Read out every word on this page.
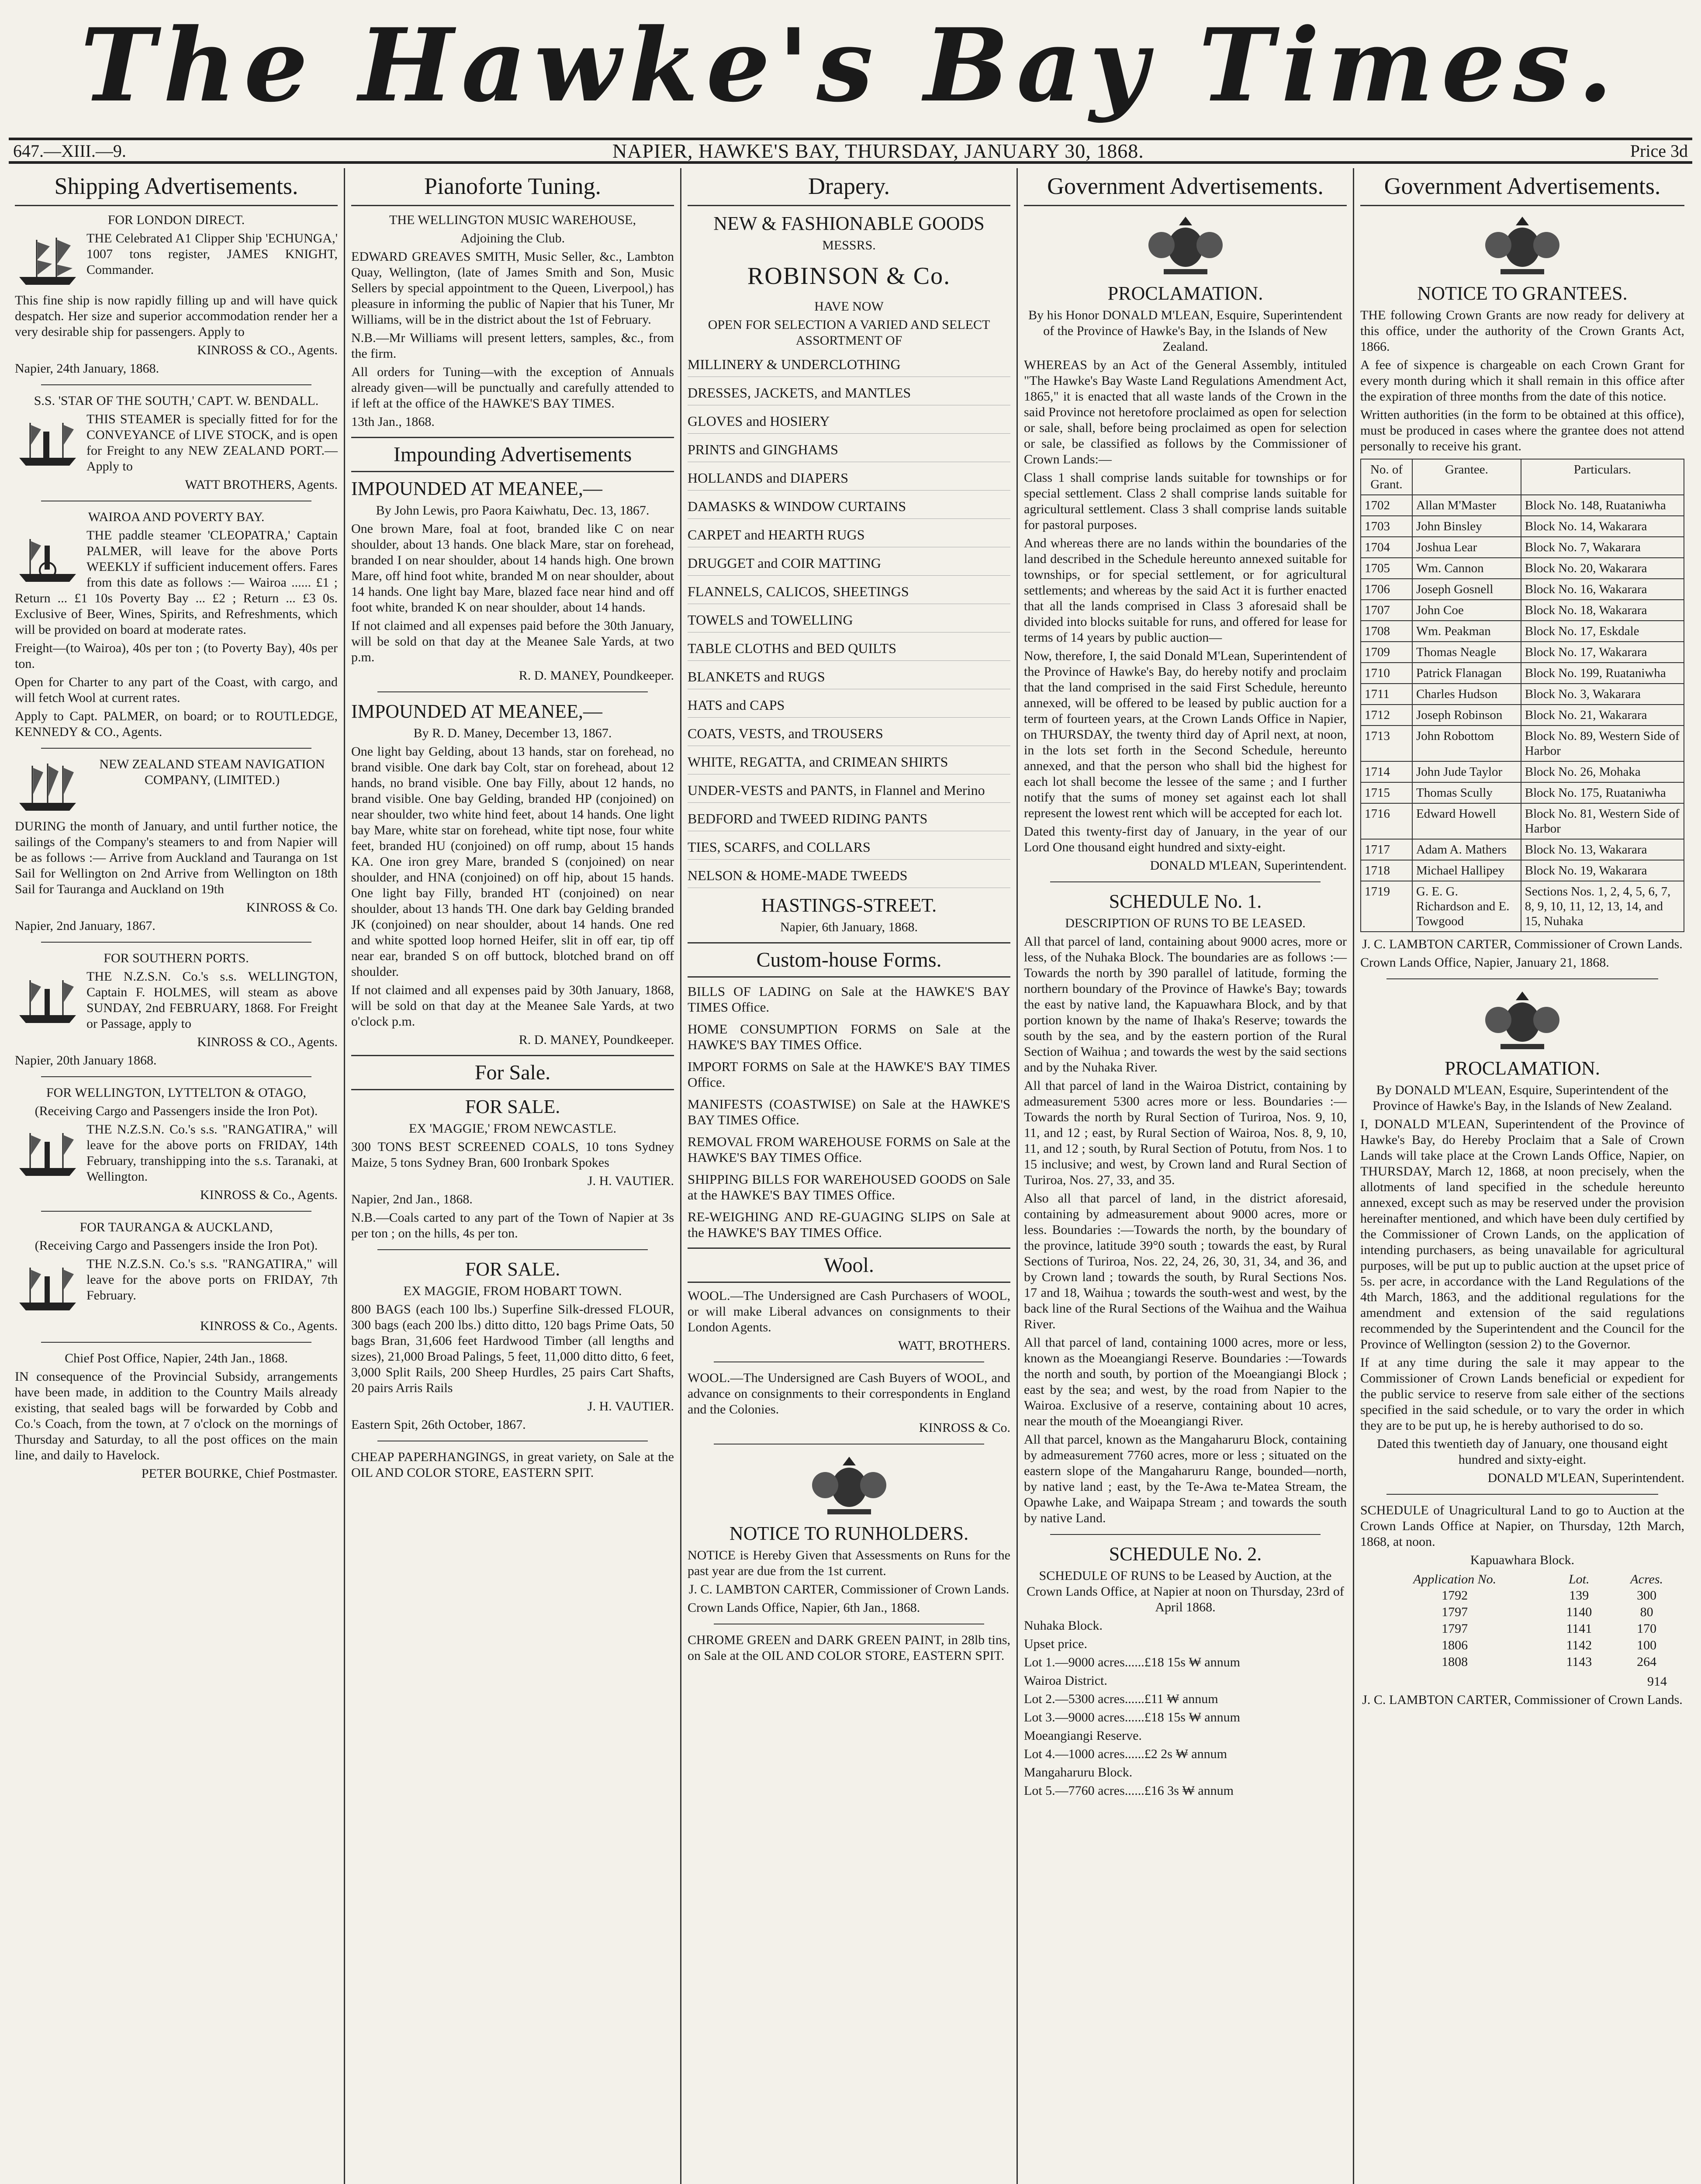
The Hawke's Bay Times.
647.—XIII.—9.	NAPIER, HAWKE'S BAY, THURSDAY, JANUARY 30, 1868.	Price 3d
Shipping Advertisements.

FOR LONDON DIRECT.

THE Celebrated A1 Clipper Ship 'ECHUNGA,' 1007 tons register, JAMES KNIGHT, Commander.

This fine ship is now rapidly filling up and will have quick despatch. Her size and superior accommodation render her a very desirable ship for passengers. Apply to

KINROSS & CO., Agents.

Napier, 24th January, 1868.

S.S. 'STAR OF THE SOUTH,' CAPT. W. BENDALL.

THIS STEAMER is specially fitted for for the CONVEYANCE of LIVE STOCK, and is open for Freight to any NEW ZEALAND PORT.—Apply to

WATT BROTHERS, Agents.

WAIROA AND POVERTY BAY.

THE paddle steamer 'CLEOPATRA,' Captain PALMER, will leave for the above Ports WEEKLY if sufficient inducement offers. Fares from this date as follows :— Wairoa ...... £1 ; Return ... £1 10s Poverty Bay ... £2 ; Return ... £3 0s. Exclusive of Beer, Wines, Spirits, and Refreshments, which will be provided on board at moderate rates.

Freight—(to Wairoa), 40s per ton ; (to Poverty Bay), 40s per ton.

Open for Charter to any part of the Coast, with cargo, and will fetch Wool at current rates.

Apply to Capt. PALMER, on board; or to ROUTLEDGE, KENNEDY & CO., Agents.

NEW ZEALAND STEAM NAVIGATION COMPANY, (LIMITED.)

DURING the month of January, and until further notice, the sailings of the Company's steamers to and from Napier will be as follows :— Arrive from Auckland and Tauranga on 1st Sail for Wellington on 2nd Arrive from Wellington on 18th Sail for Tauranga and Auckland on 19th

KINROSS & Co.

Napier, 2nd January, 1867.

FOR SOUTHERN PORTS.

THE N.Z.S.N. Co.'s s.s. WELLINGTON, Captain F. HOLMES, will steam as above SUNDAY, 2nd FEBRUARY, 1868. For Freight or Passage, apply to

KINROSS & CO., Agents.

Napier, 20th January 1868.

FOR WELLINGTON, LYTTELTON & OTAGO,

(Receiving Cargo and Passengers inside the Iron Pot).

THE N.Z.S.N. Co.'s s.s. "RANGATIRA," will leave for the above ports on FRIDAY, 14th February, transhipping into the s.s. Taranaki, at Wellington.

KINROSS & Co., Agents.

FOR TAURANGA & AUCKLAND,

(Receiving Cargo and Passengers inside the Iron Pot).

THE N.Z.S.N. Co.'s s.s. "RANGATIRA," will leave for the above ports on FRIDAY, 7th February.

KINROSS & Co., Agents.

Chief Post Office, Napier, 24th Jan., 1868.

IN consequence of the Provincial Subsidy, arrangements have been made, in addition to the Country Mails already existing, that sealed bags will be forwarded by Cobb and Co.'s Coach, from the town, at 7 o'clock on the mornings of Thursday and Saturday, to all the post offices on the main line, and daily to Havelock.

PETER BOURKE, Chief Postmaster.

Pianoforte Tuning.

THE WELLINGTON MUSIC WAREHOUSE,

Adjoining the Club.

EDWARD GREAVES SMITH, Music Seller, &c., Lambton Quay, Wellington, (late of James Smith and Son, Music Sellers by special appointment to the Queen, Liverpool,) has pleasure in informing the public of Napier that his Tuner, Mr Williams, will be in the district about the 1st of February.

N.B.—Mr Williams will present letters, samples, &c., from the firm.

All orders for Tuning—with the exception of Annuals already given—will be punctually and carefully attended to if left at the office of the HAWKE'S BAY TIMES.

13th Jan., 1868.

Impounding Advertisements

IMPOUNDED AT MEANEE,—

By John Lewis, pro Paora Kaiwhatu, Dec. 13, 1867.

One brown Mare, foal at foot, branded like C on near shoulder, about 13 hands. One black Mare, star on forehead, branded I on near shoulder, about 14 hands high. One brown Mare, off hind foot white, branded M on near shoulder, about 14 hands. One light bay Mare, blazed face near hind and off foot white, branded K on near shoulder, about 14 hands.

If not claimed and all expenses paid before the 30th January, will be sold on that day at the Meanee Sale Yards, at two p.m.

R. D. MANEY, Poundkeeper.

IMPOUNDED AT MEANEE,—

By R. D. Maney, December 13, 1867.

One light bay Gelding, about 13 hands, star on forehead, no brand visible. One dark bay Colt, star on forehead, about 12 hands, no brand visible. One bay Filly, about 12 hands, no brand visible. One bay Gelding, branded HP (conjoined) on near shoulder, two white hind feet, about 14 hands. One light bay Mare, white star on forehead, white tipt nose, four white feet, branded HU (conjoined) on off rump, about 15 hands KA. One iron grey Mare, branded S (conjoined) on near shoulder, and HNA (conjoined) on off hip, about 15 hands. One light bay Filly, branded HT (conjoined) on near shoulder, about 13 hands TH. One dark bay Gelding branded JK (conjoined) on near shoulder, about 14 hands. One red and white spotted loop horned Heifer, slit in off ear, tip off near ear, branded S on off buttock, blotched brand on off shoulder.

If not claimed and all expenses paid by 30th January, 1868, will be sold on that day at the Meanee Sale Yards, at two o'clock p.m.

R. D. MANEY, Poundkeeper.

For Sale.

FOR SALE.

EX 'MAGGIE,' FROM NEWCASTLE.

300 TONS BEST SCREENED COALS, 10 tons Sydney Maize, 5 tons Sydney Bran, 600 Ironbark Spokes

J. H. VAUTIER.

Napier, 2nd Jan., 1868.

N.B.—Coals carted to any part of the Town of Napier at 3s per ton ; on the hills, 4s per ton.

FOR SALE.

EX MAGGIE, FROM HOBART TOWN.

800 BAGS (each 100 lbs.) Superfine Silk-dressed FLOUR, 300 bags (each 200 lbs.) ditto ditto, 120 bags Prime Oats, 50 bags Bran, 31,606 feet Hardwood Timber (all lengths and sizes), 21,000 Broad Palings, 5 feet, 11,000 ditto ditto, 6 feet, 3,000 Split Rails, 200 Sheep Hurdles, 25 pairs Cart Shafts, 20 pairs Arris Rails

J. H. VAUTIER.

Eastern Spit, 26th October, 1867.

CHEAP PAPERHANGINGS, in great variety, on Sale at the OIL AND COLOR STORE, EASTERN SPIT.

Drapery.

NEW & FASHIONABLE GOODS

MESSRS.

ROBINSON & Co.

HAVE NOW

OPEN FOR SELECTION A VARIED AND SELECT ASSORTMENT OF

MILLINERY & UNDERCLOTHING
DRESSES, JACKETS, and MANTLES
GLOVES and HOSIERY
PRINTS and GINGHAMS
HOLLANDS and DIAPERS
DAMASKS & WINDOW CURTAINS
CARPET and HEARTH RUGS
DRUGGET and COIR MATTING
FLANNELS, CALICOS, SHEETINGS
TOWELS and TOWELLING
TABLE CLOTHS and BED QUILTS
BLANKETS and RUGS
HATS and CAPS
COATS, VESTS, and TROUSERS
WHITE, REGATTA, and CRIMEAN SHIRTS
UNDER-VESTS and PANTS, in Flannel and Merino
BEDFORD and TWEED RIDING PANTS
TIES, SCARFS, and COLLARS
NELSON & HOME-MADE TWEEDS

HASTINGS-STREET.

Napier, 6th January, 1868.

Custom-house Forms.

BILLS OF LADING on Sale at the HAWKE'S BAY TIMES Office.

HOME CONSUMPTION FORMS on Sale at the HAWKE'S BAY TIMES Office.

IMPORT FORMS on Sale at the HAWKE'S BAY TIMES Office.

MANIFESTS (COASTWISE) on Sale at the HAWKE'S BAY TIMES Office.

REMOVAL FROM WAREHOUSE FORMS on Sale at the HAWKE'S BAY TIMES Office.

SHIPPING BILLS FOR WAREHOUSED GOODS on Sale at the HAWKE'S BAY TIMES Office.

RE-WEIGHING AND RE-GUAGING SLIPS on Sale at the HAWKE'S BAY TIMES Office.

Wool.

WOOL.—The Undersigned are Cash Purchasers of WOOL, or will make Liberal advances on consignments to their London Agents.

WATT, BROTHERS.

WOOL.—The Undersigned are Cash Buyers of WOOL, and advance on consignments to their correspondents in England and the Colonies.

KINROSS & Co.

NOTICE TO RUNHOLDERS.

NOTICE is Hereby Given that Assessments on Runs for the past year are due from the 1st current.

J. C. LAMBTON CARTER, Commissioner of Crown Lands.

Crown Lands Office, Napier, 6th Jan., 1868.

CHROME GREEN and DARK GREEN PAINT, in 28lb tins, on Sale at the OIL AND COLOR STORE, EASTERN SPIT.

Government Advertisements.

PROCLAMATION.

By his Honor DONALD M'LEAN, Esquire, Superintendent of the Province of Hawke's Bay, in the Islands of New Zealand.

WHEREAS by an Act of the General Assembly, intituled "The Hawke's Bay Waste Land Regulations Amendment Act, 1865," it is enacted that all waste lands of the Crown in the said Province not heretofore proclaimed as open for selection or sale, shall, before being proclaimed as open for selection or sale, be classified as follows by the Commissioner of Crown Lands:—

Class 1 shall comprise lands suitable for townships or for special settlement. Class 2 shall comprise lands suitable for agricultural settlement. Class 3 shall comprise lands suitable for pastoral purposes.

And whereas there are no lands within the boundaries of the land described in the Schedule hereunto annexed suitable for townships, or for special settlement, or for agricultural settlements; and whereas by the said Act it is further enacted that all the lands comprised in Class 3 aforesaid shall be divided into blocks suitable for runs, and offered for lease for terms of 14 years by public auction—

Now, therefore, I, the said Donald M'Lean, Superintendent of the Province of Hawke's Bay, do hereby notify and proclaim that the land comprised in the said First Schedule, hereunto annexed, will be offered to be leased by public auction for a term of fourteen years, at the Crown Lands Office in Napier, on THURSDAY, the twenty third day of April next, at noon, in the lots set forth in the Second Schedule, hereunto annexed, and that the person who shall bid the highest for each lot shall become the lessee of the same ; and I further notify that the sums of money set against each lot shall represent the lowest rent which will be accepted for each lot.

Dated this twenty-first day of January, in the year of our Lord One thousand eight hundred and sixty-eight.

DONALD M'LEAN, Superintendent.

SCHEDULE No. 1.

DESCRIPTION OF RUNS TO BE LEASED.

All that parcel of land, containing about 9000 acres, more or less, of the Nuhaka Block. The boundaries are as follows :—Towards the north by 390 parallel of latitude, forming the northern boundary of the Province of Hawke's Bay; towards the east by native land, the Kapuawhara Block, and by that portion known by the name of Ihaka's Reserve; towards the south by the sea, and by the eastern portion of the Rural Section of Waihua ; and towards the west by the said sections and by the Nuhaka River.

All that parcel of land in the Wairoa District, containing by admeasurement 5300 acres more or less. Boundaries :—Towards the north by Rural Section of Turiroa, Nos. 9, 10, 11, and 12 ; east, by Rural Section of Wairoa, Nos. 8, 9, 10, 11, and 12 ; south, by Rural Section of Potutu, from Nos. 1 to 15 inclusive; and west, by Crown land and Rural Section of Turiroa, Nos. 27, 33, and 35.

Also all that parcel of land, in the district aforesaid, containing by admeasurement about 9000 acres, more or less. Boundaries :—Towards the north, by the boundary of the province, latitude 39°0 south ; towards the east, by Rural Sections of Turiroa, Nos. 22, 24, 26, 30, 31, 34, and 36, and by Crown land ; towards the south, by Rural Sections Nos. 17 and 18, Waihua ; towards the south-west and west, by the back line of the Rural Sections of the Waihua and the Waihua River.

All that parcel of land, containing 1000 acres, more or less, known as the Moeangiangi Reserve. Boundaries :—Towards the north and south, by portion of the Moeangiangi Block ; east by the sea; and west, by the road from Napier to the Wairoa. Exclusive of a reserve, containing about 10 acres, near the mouth of the Moeangiangi River.

All that parcel, known as the Mangaharuru Block, containing by admeasurement 7760 acres, more or less ; situated on the eastern slope of the Mangaharuru Range, bounded—north, by native land ; east, by the Te-Awa te-Matea Stream, the Opawhe Lake, and Waipapa Stream ; and towards the south by native Land.

SCHEDULE No. 2.

SCHEDULE OF RUNS to be Leased by Auction, at the Crown Lands Office, at Napier at noon on Thursday, 23rd of April 1868.

Nuhaka Block.

Upset price.

Lot 1.—9000 acres......£18 15s ₩ annum

Wairoa District.

Lot 2.—5300 acres......£11 ₩ annum

Lot 3.—9000 acres......£18 15s ₩ annum

Moeangiangi Reserve.

Lot 4.—1000 acres......£2 2s ₩ annum

Mangaharuru Block.

Lot 5.—7760 acres......£16 3s ₩ annum

Government Advertisements.

NOTICE TO GRANTEES.

THE following Crown Grants are now ready for delivery at this office, under the authority of the Crown Grants Act, 1866.

A fee of sixpence is chargeable on each Crown Grant for every month during which it shall remain in this office after the expiration of three months from the date of this notice.

Written authorities (in the form to be obtained at this office), must be produced in cases where the grantee does not attend personally to receive his grant.

No. of Grant.	Grantee.	Particulars.
1702	Allan M'Master	Block No. 148, Ruataniwha
1703	John Binsley	Block No. 14, Wakarara
1704	Joshua Lear	Block No. 7, Wakarara
1705	Wm. Cannon	Block No. 20, Wakarara
1706	Joseph Gosnell	Block No. 16, Wakarara
1707	John Coe	Block No. 18, Wakarara
1708	Wm. Peakman	Block No. 17, Eskdale
1709	Thomas Neagle	Block No. 17, Wakarara
1710	Patrick Flanagan	Block No. 199, Ruataniwha
1711	Charles Hudson	Block No. 3, Wakarara
1712	Joseph Robinson	Block No. 21, Wakarara
1713	John Robottom	Block No. 89, Western Side of Harbor
1714	John Jude Taylor	Block No. 26, Mohaka
1715	Thomas Scully	Block No. 175, Ruataniwha
1716	Edward Howell	Block No. 81, Western Side of Harbor
1717	Adam A. Mathers	Block No. 13, Wakarara
1718	Michael Hallipey	Block No. 19, Wakarara
1719	G. E. G. Richardson and E. Towgood	Sections Nos. 1, 2, 4, 5, 6, 7, 8, 9, 10, 11, 12, 13, 14, and 15, Nuhaka

J. C. LAMBTON CARTER, Commissioner of Crown Lands.

Crown Lands Office, Napier, January 21, 1868.

PROCLAMATION.

By DONALD M'LEAN, Esquire, Superintendent of the Province of Hawke's Bay, in the Islands of New Zealand.

I, DONALD M'LEAN, Superintendent of the Province of Hawke's Bay, do Hereby Proclaim that a Sale of Crown Lands will take place at the Crown Lands Office, Napier, on THURSDAY, March 12, 1868, at noon precisely, when the allotments of land specified in the schedule hereunto annexed, except such as may be reserved under the provision hereinafter mentioned, and which have been duly certified by the Commissioner of Crown Lands, on the application of intending purchasers, as being unavailable for agricultural purposes, will be put up to public auction at the upset price of 5s. per acre, in accordance with the Land Regulations of the 4th March, 1863, and the additional regulations for the amendment and extension of the said regulations recommended by the Superintendent and the Council for the Province of Wellington (session 2) to the Governor.

If at any time during the sale it may appear to the Commissioner of Crown Lands beneficial or expedient for the public service to reserve from sale either of the sections specified in the said schedule, or to vary the order in which they are to be put up, he is hereby authorised to do so.

Dated this twentieth day of January, one thousand eight hundred and sixty-eight.

DONALD M'LEAN, Superintendent.

SCHEDULE of Unagricultural Land to go to Auction at the Crown Lands Office at Napier, on Thursday, 12th March, 1868, at noon.

Kapuawhara Block.

Application No.	Lot.	Acres.
1792	139	300
1797	1140	80
1797	1141	170
1806	1142	100
1808	1143	264

914

J. C. LAMBTON CARTER, Commissioner of Crown Lands.
